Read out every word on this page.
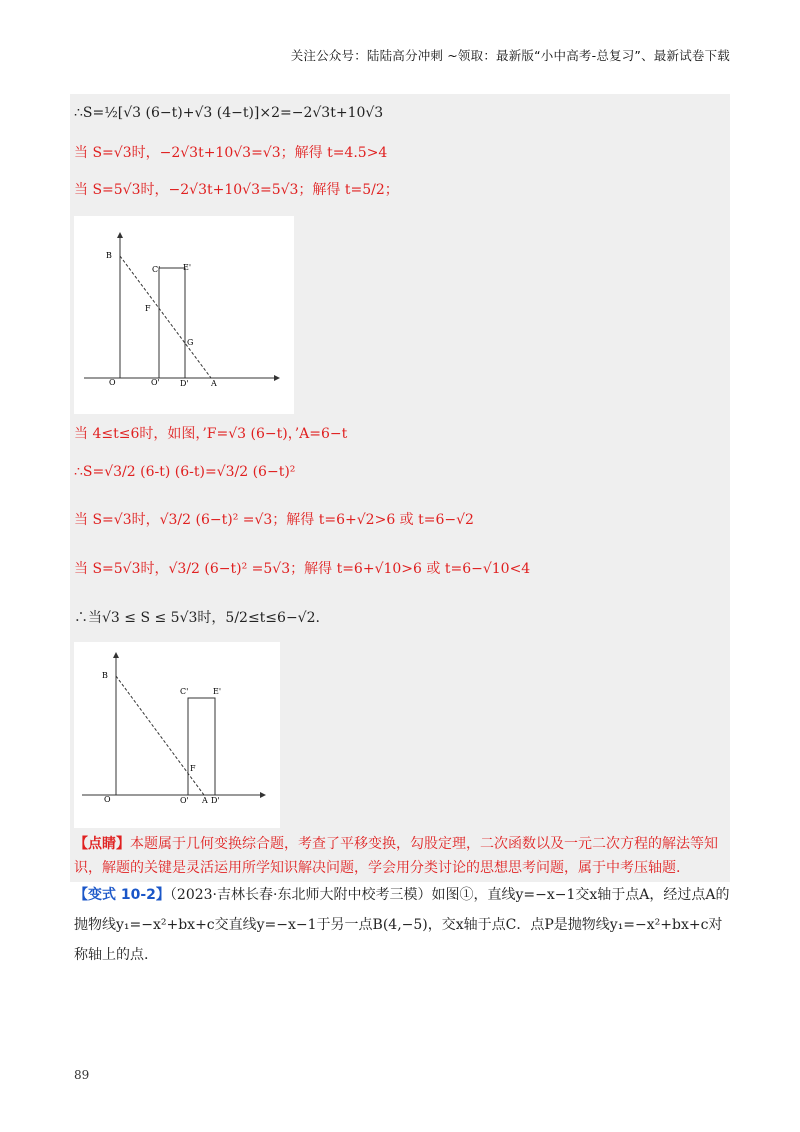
关注公众号：陆陆高分冲刺 ~领取：最新版“小中高考-总复习”、最新试卷下载
∴S=½[√3 (6−t)+√3 (4−t)]×2=−2√3t+10√3
当 S=√3时，−2√3t+10√3=√3；解得 t=4.5>4
当 S=5√3时，−2√3t+10√3=5√3；解得 t=5/2；
B
C'	E'
F
G
O	O'	D'	A
当 4≤t≤6时，如图，’F=√3 (6−t)，’A=6−t
∴S=√3/2 (6-t) (6-t)=√3/2 (6−t)²
当 S=√3时，√3/2 (6−t)² =√3；解得 t=6+√2>6 或 t=6−√2
当 S=5√3时，√3/2 (6−t)² =5√3；解得 t=6+√10>6 或 t=6−√10<4
∴当√3 ≤ S ≤ 5√3时，5/2≤t≤6−√2.
B
C'	E'
F
O	O' A D'
【点睛】本题属于几何变换综合题，考查了平移变换，勾股定理，二次函数以及一元二次方程的解法等知识，解题的关键是灵活运用所学知识解决问题，学会用分类讨论的思想思考问题，属于中考压轴题.
【变式 10-2】（2023·吉林长春·东北师大附中校考三模）如图①，直线y=−x−1交x轴于点A，经过点A的抛物线y₁=−x²+bx+c交直线y=−x−1于另一点B(4,−5)，交x轴于点C．点P是抛物线y₁=−x²+bx+c对称轴上的点.
89
